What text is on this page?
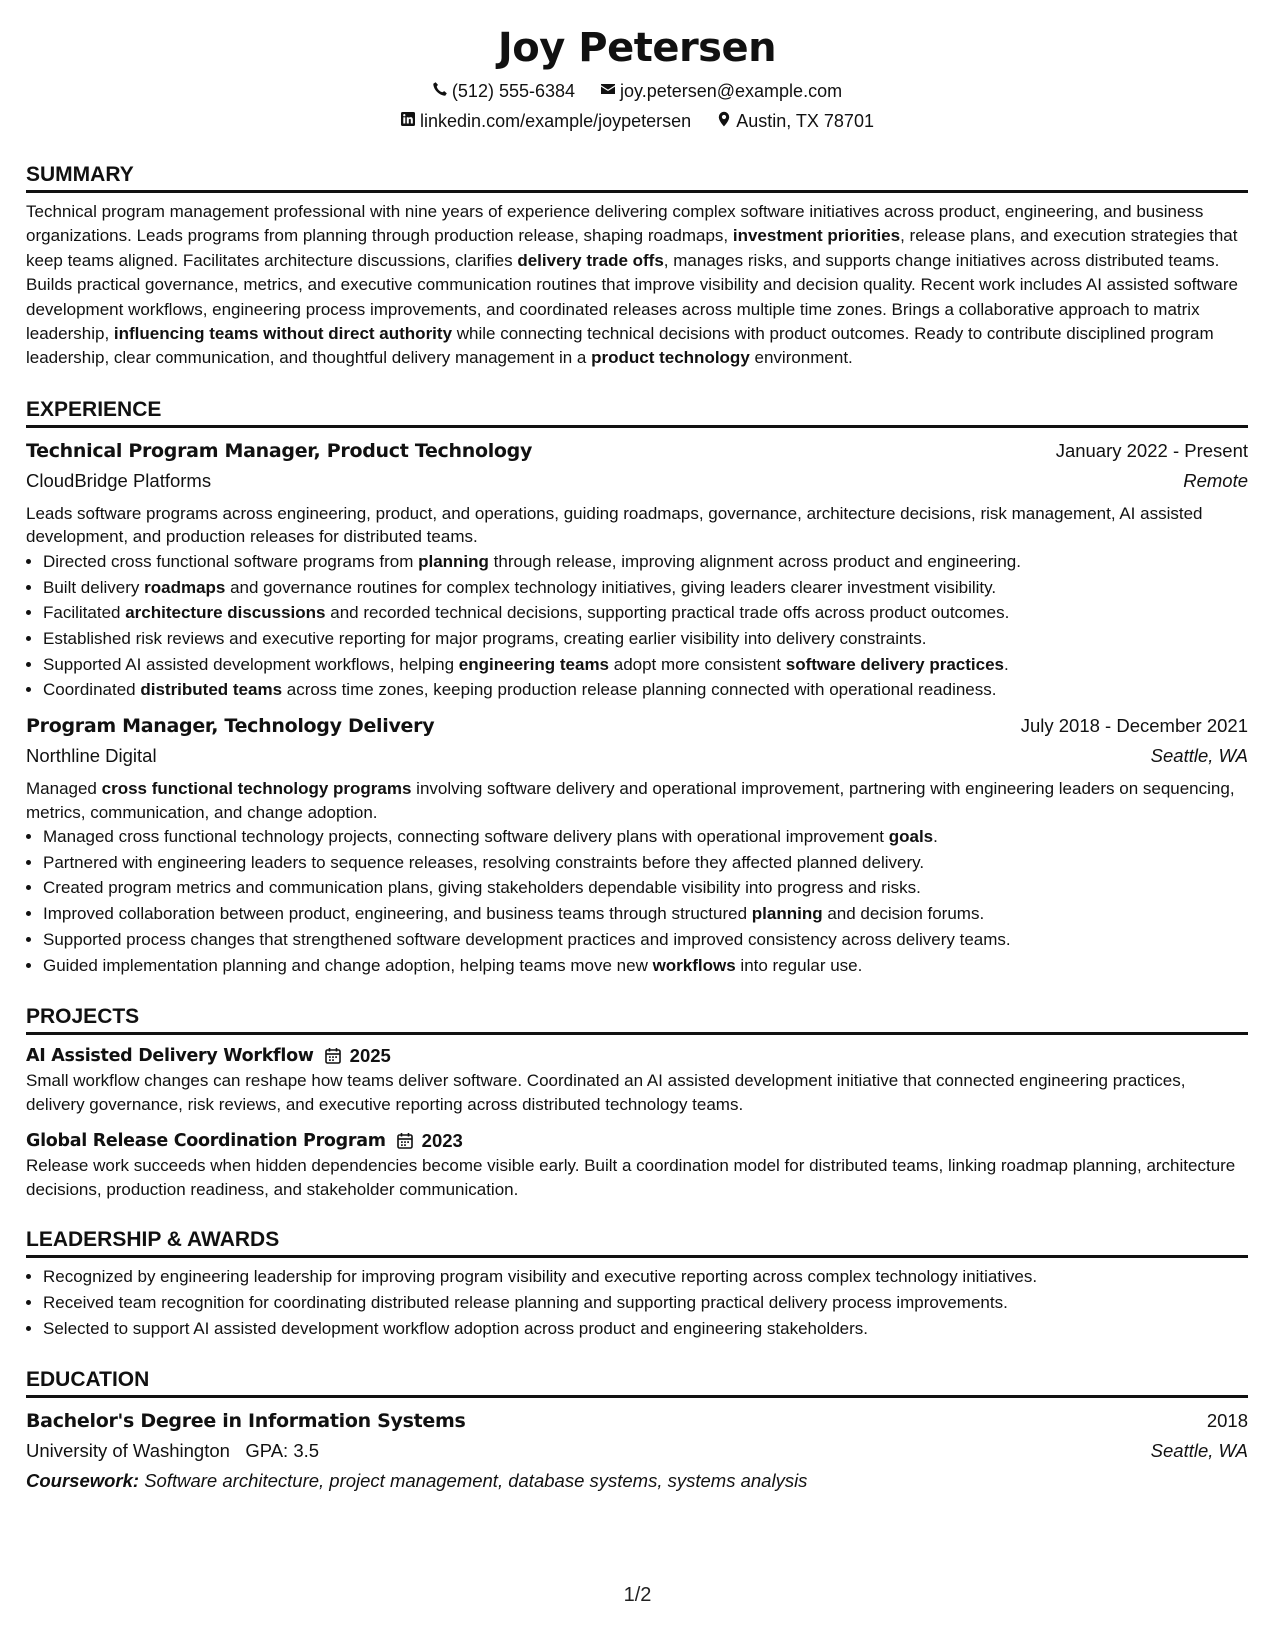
Joy Petersen
(512) 555-6384
	joy.petersen@example.com
linkedin.com/example/joypetersen
	Austin, TX 78701
SUMMARY
Technical program management professional with nine years of experience delivering complex software initiatives across product, engineering, and business organizations. Leads programs from planning through production release, shaping roadmaps, investment priorities, release plans, and execution strategies that keep teams aligned. Facilitates architecture discussions, clarifies delivery trade offs, manages risks, and supports change initiatives across distributed teams. Builds practical governance, metrics, and executive communication routines that improve visibility and decision quality. Recent work includes AI assisted software development workflows, engineering process improvements, and coordinated releases across multiple time zones. Brings a collaborative approach to matrix leadership, influencing teams without direct authority while connecting technical decisions with product outcomes. Ready to contribute disciplined program leadership, clear communication, and thoughtful delivery management in a product technology environment.
EXPERIENCE
Technical Program Manager, Product Technology	January 2022 - Present
CloudBridge Platforms	Remote
Leads software programs across engineering, product, and operations, guiding roadmaps, governance, architecture decisions, risk management, AI assisted development, and production releases for distributed teams.
• Directed cross functional software programs from planning through release, improving alignment across product and engineering.
• Built delivery roadmaps and governance routines for complex technology initiatives, giving leaders clearer investment visibility.
• Facilitated architecture discussions and recorded technical decisions, supporting practical trade offs across product outcomes.
• Established risk reviews and executive reporting for major programs, creating earlier visibility into delivery constraints.
• Supported AI assisted development workflows, helping engineering teams adopt more consistent software delivery practices.
• Coordinated distributed teams across time zones, keeping production release planning connected with operational readiness.
Program Manager, Technology Delivery	July 2018 - December 2021
Northline Digital	Seattle, WA
Managed cross functional technology programs involving software delivery and operational improvement, partnering with engineering leaders on sequencing, metrics, communication, and change adoption.
• Managed cross functional technology projects, connecting software delivery plans with operational improvement goals.
• Partnered with engineering leaders to sequence releases, resolving constraints before they affected planned delivery.
• Created program metrics and communication plans, giving stakeholders dependable visibility into progress and risks.
• Improved collaboration between product, engineering, and business teams through structured planning and decision forums.
• Supported process changes that strengthened software development practices and improved consistency across delivery teams.
• Guided implementation planning and change adoption, helping teams move new workflows into regular use.
PROJECTS
AI Assisted Delivery Workflow 2025
Small workflow changes can reshape how teams deliver software. Coordinated an AI assisted development initiative that connected engineering practices, delivery governance, risk reviews, and executive reporting across distributed technology teams.
Global Release Coordination Program 2023
Release work succeeds when hidden dependencies become visible early. Built a coordination model for distributed teams, linking roadmap planning, architecture decisions, production readiness, and stakeholder communication.
LEADERSHIP & AWARDS
• Recognized by engineering leadership for improving program visibility and executive reporting across complex technology initiatives.
• Received team recognition for coordinating distributed release planning and supporting practical delivery process improvements.
• Selected to support AI assisted development workflow adoption across product and engineering stakeholders.
EDUCATION
Bachelor's Degree in Information Systems	2018
University of Washington GPA: 3.5	Seattle, WA
Coursework: Software architecture, project management, database systems, systems analysis
1/2
